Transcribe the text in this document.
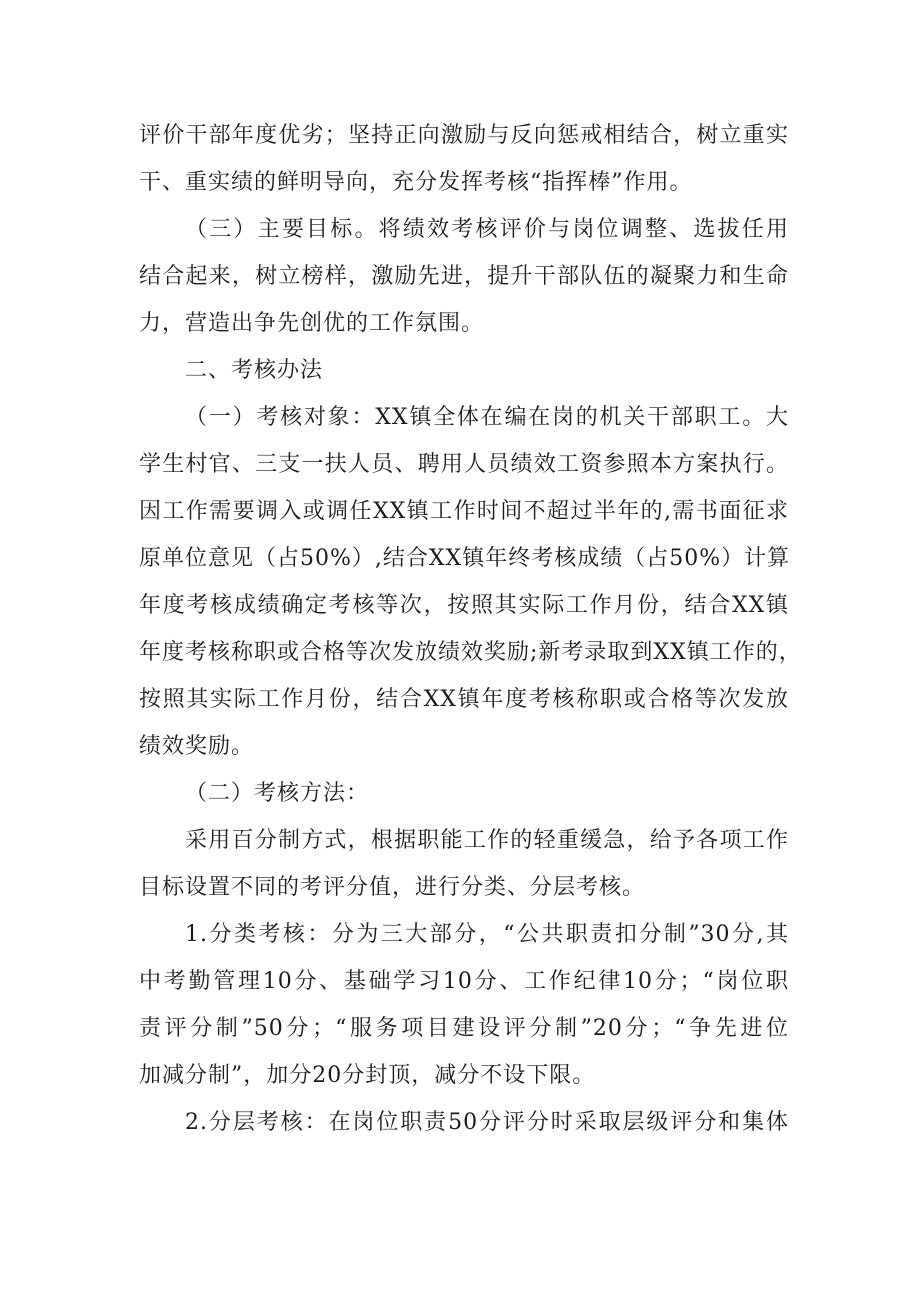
评价干部年度优劣；坚持正向激励与反向惩戒相结合，树立重实
干、重实绩的鲜明导向，充分发挥考核“指挥棒”作用。
（三）主要目标。将绩效考核评价与岗位调整、选拔任用
结合起来，树立榜样，激励先进，提升干部队伍的凝聚力和生命
力，营造出争先创优的工作氛围。
二、考核办法
（一）考核对象：XX镇全体在编在岗的机关干部职工。大
学生村官、三支一扶人员、聘用人员绩效工资参照本方案执行。
因工作需要调入或调任XX镇工作时间不超过半年的,需书面征求
原单位意见（占50%）,结合XX镇年终考核成绩（占50%）计算
年度考核成绩确定考核等次，按照其实际工作月份，结合XX镇
年度考核称职或合格等次发放绩效奖励;新考录取到XX镇工作的，
按照其实际工作月份，结合XX镇年度考核称职或合格等次发放
绩效奖励。
（二）考核方法：
采用百分制方式，根据职能工作的轻重缓急，给予各项工作
目标设置不同的考评分值，进行分类、分层考核。
1.分类考核：分为三大部分，“公共职责扣分制”30分,其
中考勤管理10分、基础学习10分、工作纪律10分；“岗位职
责评分制”50分；“服务项目建设评分制”20分；“争先进位
加减分制”，加分20分封顶，减分不设下限。
2.分层考核：在岗位职责50分评分时采取层级评分和集体
